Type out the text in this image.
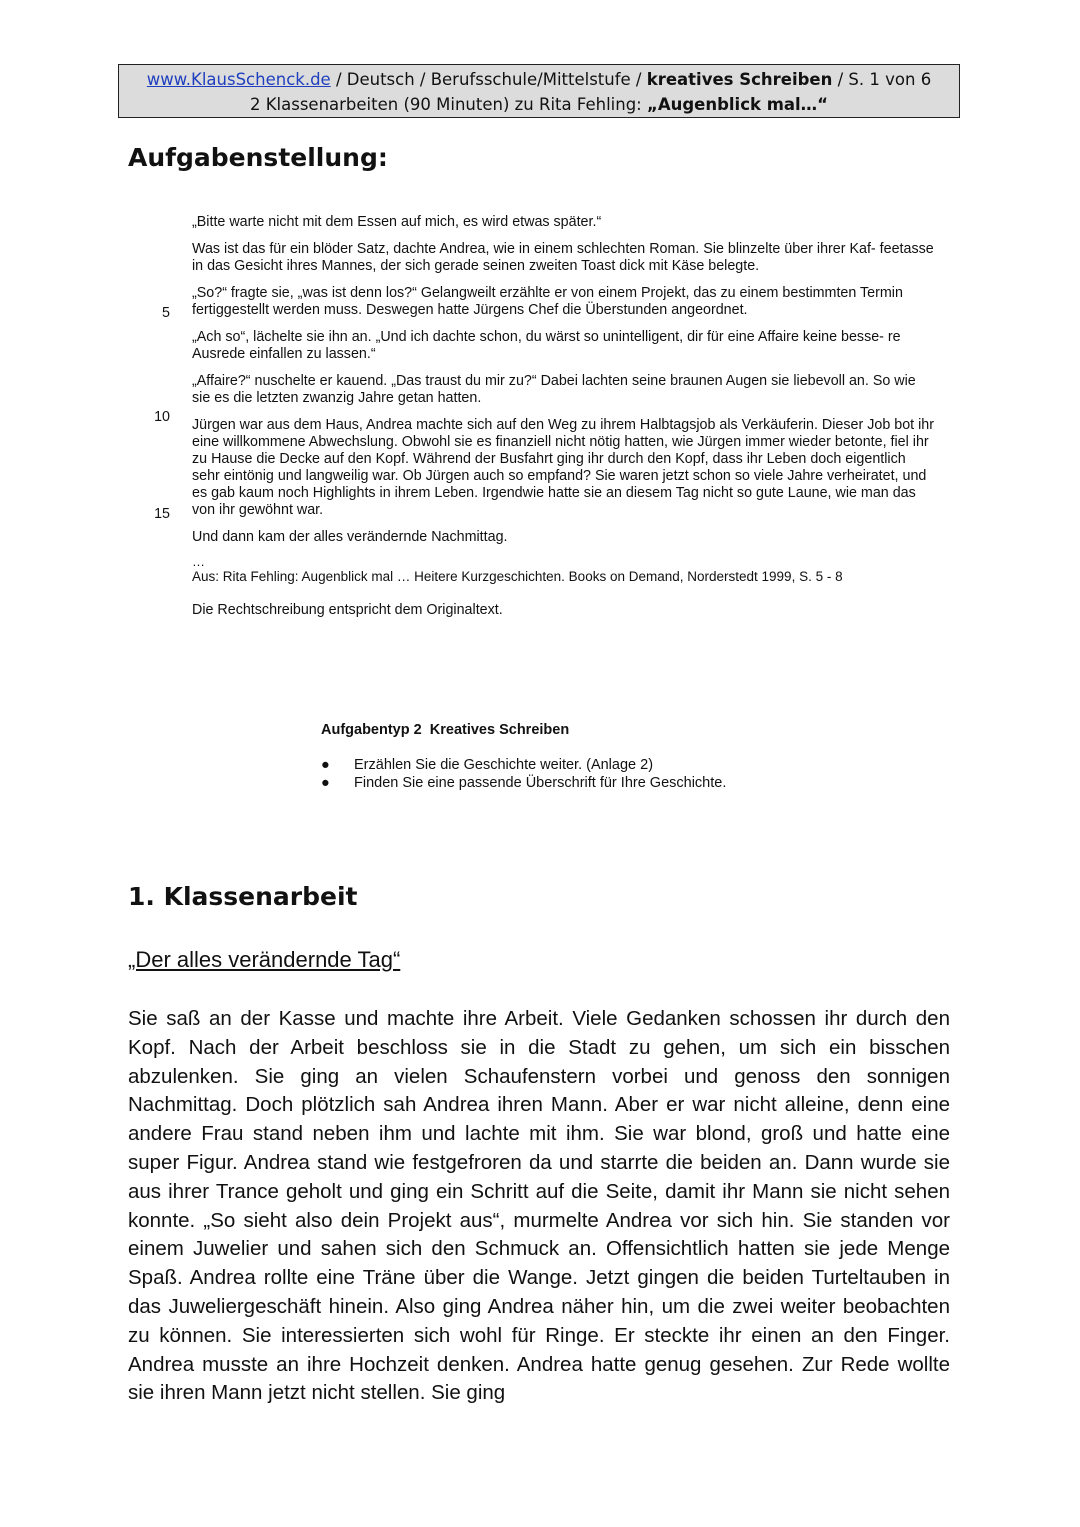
www.KlausSchenck.de / Deutsch / Berufsschule/Mittelstufe / kreatives Schreiben / S. 1 von 6
2 Klassenarbeiten (90 Minuten) zu Rita Fehling: „Augenblick mal…“
Aufgabenstellung:
5
10
15

„Bitte warte nicht mit dem Essen auf mich, es wird etwas später.“

Was ist das für ein blöder Satz, dachte Andrea, wie in einem schlechten Roman. Sie blinzelte über ihrer Kaf- feetasse in das Gesicht ihres Mannes, der sich gerade seinen zweiten Toast dick mit Käse belegte.

„So?“ fragte sie, „was ist denn los?“ Gelangweilt erzählte er von einem Projekt, das zu einem bestimmten Termin fertiggestellt werden muss. Deswegen hatte Jürgens Chef die Überstunden angeordnet.

„Ach so“, lächelte sie ihn an. „Und ich dachte schon, du wärst so unintelligent, dir für eine Affaire keine besse- re Ausrede einfallen zu lassen.“

„Affaire?“ nuschelte er kauend. „Das traust du mir zu?“ Dabei lachten seine braunen Augen sie liebevoll an. So wie sie es die letzten zwanzig Jahre getan hatten.

Jürgen war aus dem Haus, Andrea machte sich auf den Weg zu ihrem Halbtagsjob als Verkäuferin. Dieser Job bot ihr eine willkommene Abwechslung. Obwohl sie es finanziell nicht nötig hatten, wie Jürgen immer wieder betonte, fiel ihr zu Hause die Decke auf den Kopf. Während der Busfahrt ging ihr durch den Kopf, dass ihr Leben doch eigentlich sehr eintönig und langweilig war. Ob Jürgen auch so empfand? Sie waren jetzt schon so viele Jahre verheiratet, und es gab kaum noch Highlights in ihrem Leben. Irgendwie hatte sie an diesem Tag nicht so gute Laune, wie man das von ihr gewöhnt war.

Und dann kam der alles verändernde Nachmittag.

…

Aus: Rita Fehling: Augenblick mal … Heitere Kurzgeschichten. Books on Demand, Norderstedt 1999, S. 5 - 8

Die Rechtschreibung entspricht dem Originaltext.

Aufgabentyp 2 Kreatives Schreiben
● Erzählen Sie die Geschichte weiter. (Anlage 2)
● Finden Sie eine passende Überschrift für Ihre Geschichte.
1. Klassenarbeit
„Der alles verändernde Tag“

Sie saß an der Kasse und machte ihre Arbeit. Viele Gedanken schossen ihr durch den Kopf. Nach der Arbeit beschloss sie in die Stadt zu gehen, um sich ein bisschen abzulenken. Sie ging an vielen Schaufenstern vorbei und genoss den sonnigen Nachmittag. Doch plötzlich sah Andrea ihren Mann. Aber er war nicht alleine, denn eine andere Frau stand neben ihm und lachte mit ihm. Sie war blond, groß und hatte eine super Figur. Andrea stand wie festgefroren da und starrte die beiden an. Dann wurde sie aus ihrer Trance geholt und ging ein Schritt auf die Seite, damit ihr Mann sie nicht sehen konnte. „So sieht also dein Projekt aus“, murmelte Andrea vor sich hin. Sie standen vor einem Juwelier und sahen sich den Schmuck an. Offensichtlich hatten sie jede Menge Spaß. Andrea rollte eine Träne über die Wange. Jetzt gingen die beiden Turteltauben in das Juweliergeschäft hinein. Also ging Andrea näher hin, um die zwei weiter beobachten zu können. Sie interessierten sich wohl für Ringe. Er steckte ihr einen an den Finger. Andrea musste an ihre Hochzeit denken. Andrea hatte genug gesehen. Zur Rede wollte sie ihren Mann jetzt nicht stellen. Sie ging
